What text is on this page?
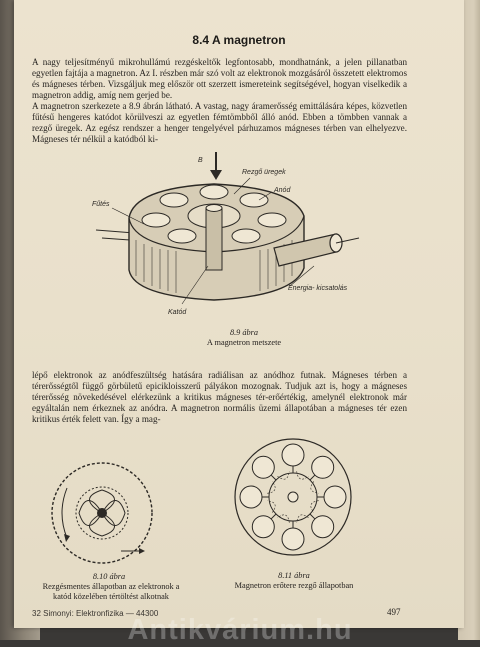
8.4 A magnetron

A nagy teljesítményű mikrohullámú rezgéskeltők legfontosabb, mondhatnánk, a jelen pillanatban egyetlen fajtája a magnetron. Az I. részben már szó volt az elektronok mozgásáról összetett elektromos és mágneses térben. Vizsgáljuk meg először ott szerzett ismereteink segítségével, hogyan viselkedik a magnetron addig, amíg nem gerjed be.

A magnetron szerkezete a 8.9 ábrán látható. A vastag, nagy áramerősség emittálására képes, közvetlen fűtésű hengeres katódot körülveszi az egyetlen fémtömbből álló anód. Ebben a tömbben vannak a rezgő üregek. Az egész rendszer a henger tengelyével párhuzamos mágneses térben van elhelyezve. Mágneses tér nélkül a katódból ki-

B
Rezgő üregek
Anód
Fűtés
Energia- kicsatolás
Katód
8.9 ábra
A magnetron metszete

lépő elektronok az anódfeszültség hatására radiálisan az anódhoz futnak. Mágneses térben a térerősségtől függő görbületű epicikloisszerű pályákon mozognak. Tudjuk azt is, hogy a mágneses térerősség növekedésével elérkezünk a kritikus mágneses tér-erőértékig, amelynél elektronok már egyáltalán nem érkeznek az anódra. A magnetron normális üzemi állapotában a mágneses tér ezen kritikus érték felett van. Így a mag-

8.10 ábra
Rezgésmentes állapotban az elektronok a katód közelében tértöltést alkotnak
8.11 ábra
Magnetron erőtere rezgő állapotban
32 Simonyi: Elektronfizika — 44300	497
Antikvárium.hu
